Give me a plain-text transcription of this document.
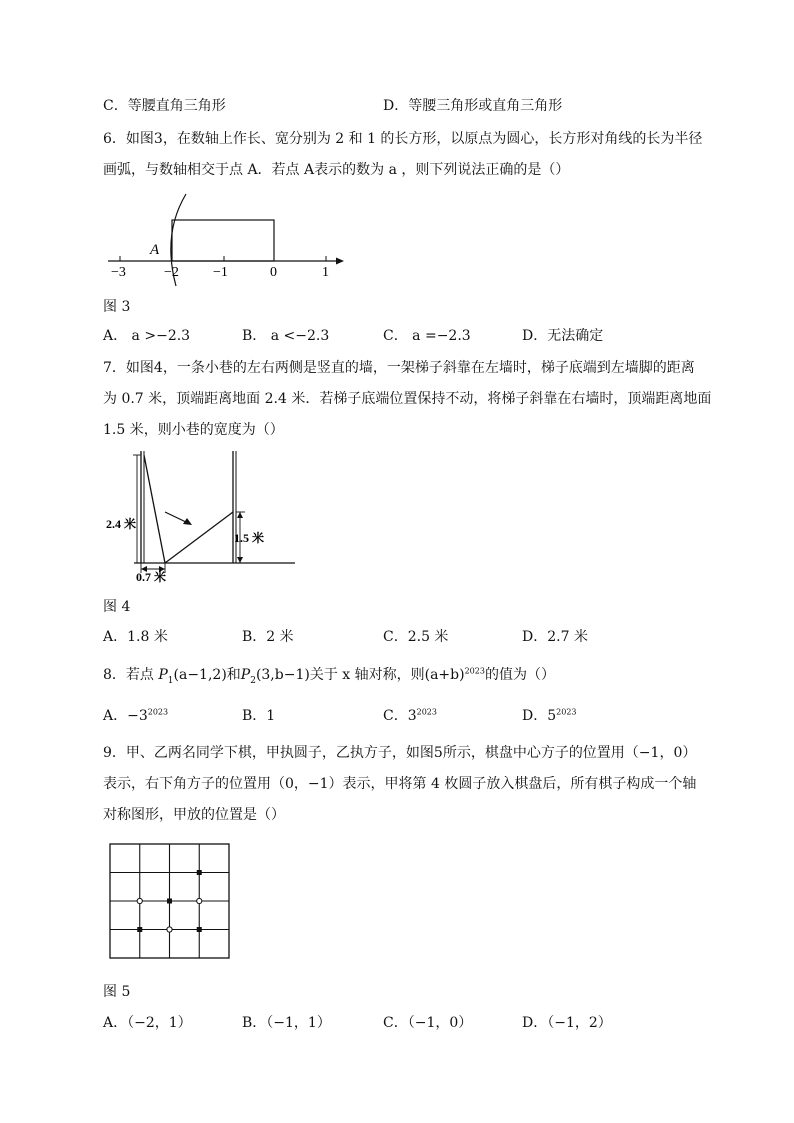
C．等腰直角三角形	D．等腰三角形或直角三角形
6．如图3，在数轴上作长、宽分别为 2 和 1 的长方形，以原点为圆心，长方形对角线的长为半径
画弧，与数轴相交于点 A．若点 A表示的数为 a ，则下列说法正确的是（）
A
−3	−2 −1	0	1
图 3
A． a >−2.3	B． a <−2.3	C． a =−2.3	D．无法确定
7．如图4，一条小巷的左右两侧是竖直的墙，一架梯子斜靠在左墙时，梯子底端到左墙脚的距离
为 0.7 米，顶端距离地面 2.4 米．若梯子底端位置保持不动，将梯子斜靠在右墙时，顶端距离地面
1.5 米，则小巷的宽度为（）
2.4 米
1.5 米
0.7 米
图 4
A．1.8 米	B．2 米	C．2.5 米	D．2.7 米
8．若点 $P_1(a-1,2)$和$P_2(3,b-1)$关于 x 轴对称，则$(a+b)^{2023}$的值为（）
A．$-3^{2023}$	B．1	C．$3^{2023}$	D．$5^{2023}$
9．甲、乙两名同学下棋，甲执圆子，乙执方子，如图5所示，棋盘中心方子的位置用（−1，0）
表示，右下角方子的位置用（0，−1）表示，甲将第 4 枚圆子放入棋盘后，所有棋子构成一个轴
对称图形，甲放的位置是（）
图 5
A．（−2，1）	B．（−1，1）	C．（−1，0）	D．（−1，2）
